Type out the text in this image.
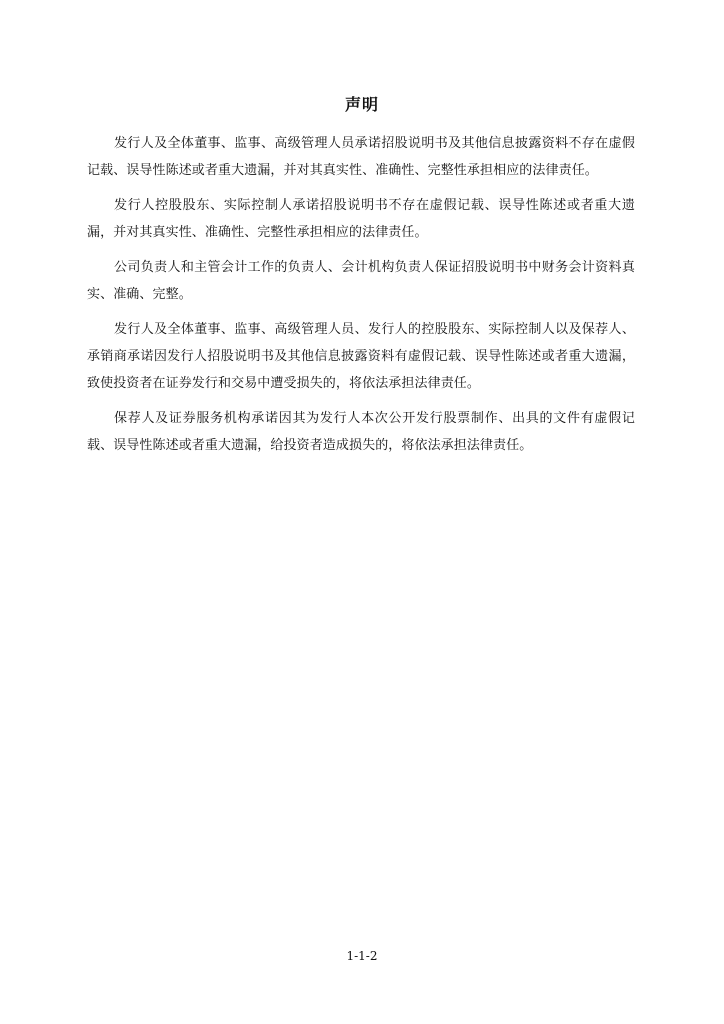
声明

发行人及全体董事、监事、高级管理人员承诺招股说明书及其他信息披露资料不存在虚假记载、误导性陈述或者重大遗漏，并对其真实性、准确性、完整性承担相应的法律责任。

发行人控股股东、实际控制人承诺招股说明书不存在虚假记载、误导性陈述或者重大遗漏，并对其真实性、准确性、完整性承担相应的法律责任。

公司负责人和主管会计工作的负责人、会计机构负责人保证招股说明书中财务会计资料真实、准确、完整。

发行人及全体董事、监事、高级管理人员、发行人的控股股东、实际控制人以及保荐人、承销商承诺因发行人招股说明书及其他信息披露资料有虚假记载、误导性陈述或者重大遗漏，致使投资者在证券发行和交易中遭受损失的，将依法承担法律责任。

保荐人及证券服务机构承诺因其为发行人本次公开发行股票制作、出具的文件有虚假记载、误导性陈述或者重大遗漏，给投资者造成损失的，将依法承担法律责任。

1-1-2
